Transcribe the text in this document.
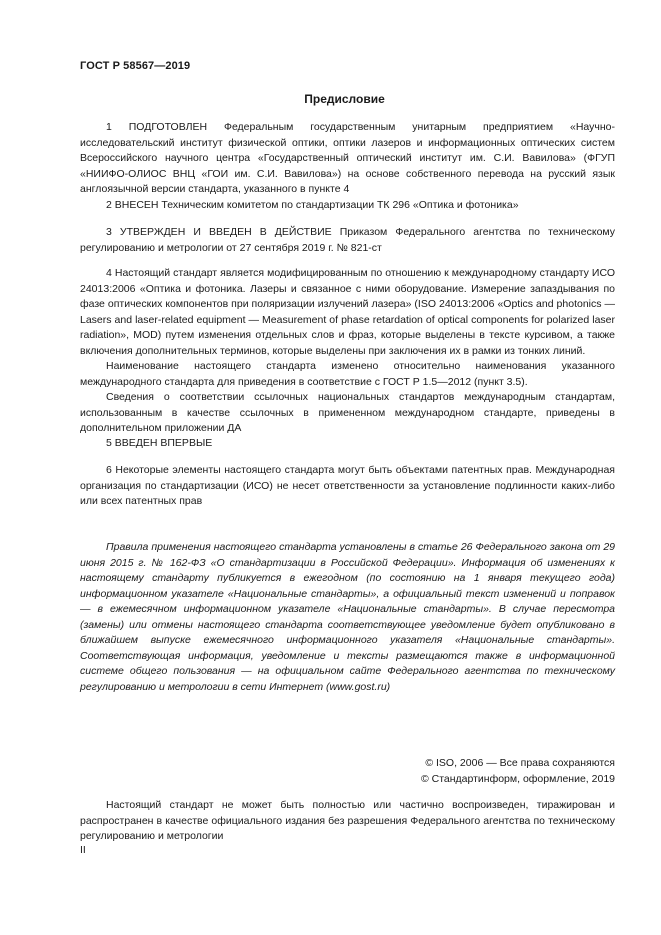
ГОСТ Р 58567—2019
Предисловие

1 ПОДГОТОВЛЕН Федеральным государственным унитарным предприятием «Научно-исследовательский институт физической оптики, оптики лазеров и информационных оптических систем Всероссийского научного центра «Государственный оптический институт им. С.И. Вавилова» (ФГУП «НИИФО-ОЛИОС ВНЦ «ГОИ им. С.И. Вавилова») на основе собственного перевода на русский язык англоязычной версии стандарта, указанного в пункте 4

2 ВНЕСЕН Техническим комитетом по стандартизации ТК 296 «Оптика и фотоника»

3 УТВЕРЖДЕН И ВВЕДЕН В ДЕЙСТВИЕ Приказом Федерального агентства по техническому регулированию и метрологии от 27 сентября 2019 г. № 821-ст

4 Настоящий стандарт является модифицированным по отношению к международному стандарту ИСО 24013:2006 «Оптика и фотоника. Лазеры и связанное с ними оборудование. Измерение запаздывания по фазе оптических компонентов при поляризации излучений лазера» (ISO 24013:2006 «Optics and photonics — Lasers and laser-related equipment — Measurement of phase retardation of optical components for polarized laser radiation», MOD) путем изменения отдельных слов и фраз, которые выделены в тексте курсивом, а также включения дополнительных терминов, которые выделены при заключения их в рамки из тонких линий.

Наименование настоящего стандарта изменено относительно наименования указанного международного стандарта для приведения в соответствие с ГОСТ Р 1.5—2012 (пункт 3.5).

Сведения о соответствии ссылочных национальных стандартов международным стандартам, использованным в качестве ссылочных в примененном международном стандарте, приведены в дополнительном приложении ДА

5 ВВЕДЕН ВПЕРВЫЕ

6 Некоторые элементы настоящего стандарта могут быть объектами патентных прав. Международная организация по стандартизации (ИСО) не несет ответственности за установление подлинности каких-либо или всех патентных прав

Правила применения настоящего стандарта установлены в статье 26 Федерального закона от 29 июня 2015 г. № 162-ФЗ «О стандартизации в Российской Федерации». Информация об изменениях к настоящему стандарту публикуется в ежегодном (по состоянию на 1 января текущего года) информационном указателе «Национальные стандарты», а официальный текст изменений и поправок — в ежемесячном информационном указателе «Национальные стандарты». В случае пересмотра (замены) или отмены настоящего стандарта соответствующее уведомление будет опубликовано в ближайшем выпуске ежемесячного информационного указателя «Национальные стандарты». Соответствующая информация, уведомление и тексты размещаются также в информационной системе общего пользования — на официальном сайте Федерального агентства по техническому регулированию и метрологии в сети Интернет (www.gost.ru)

© ISO, 2006 — Все права сохраняются
© Стандартинформ, оформление, 2019

Настоящий стандарт не может быть полностью или частично воспроизведен, тиражирован и распространен в качестве официального издания без разрешения Федерального агентства по техническому регулированию и метрологии

II
